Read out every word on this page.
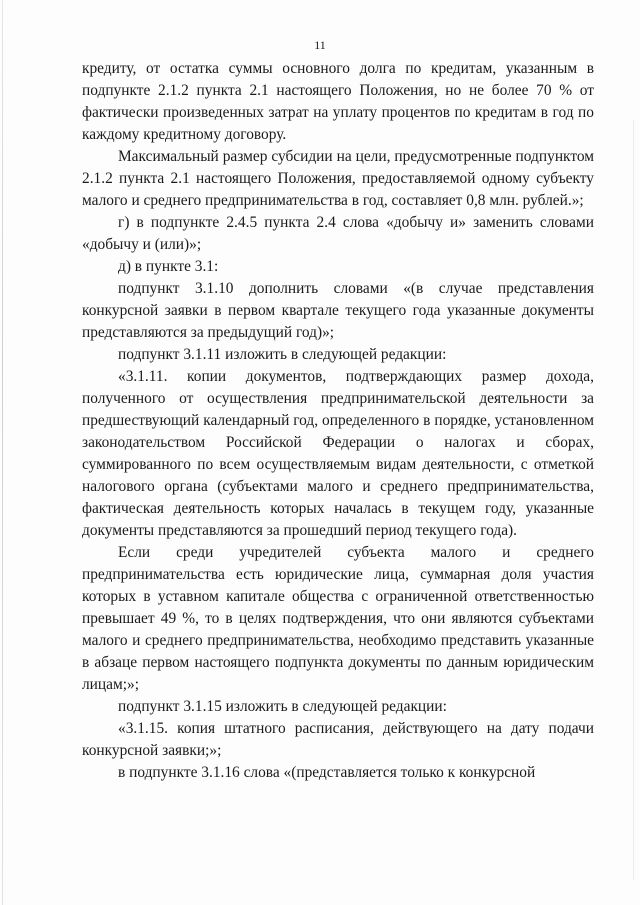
11

кредиту, от остатка суммы основного долга по кредитам, указанным в подпункте 2.1.2 пункта 2.1 настоящего Положения, но не более 70 % от фактически произведенных затрат на уплату процентов по кредитам в год по каждому кредитному договору.

Максимальный размер субсидии на цели, предусмотренные подпунктом 2.1.2 пункта 2.1 настоящего Положения, предоставляемой одному субъекту малого и среднего предпринимательства в год, составляет 0,8 млн. рублей.»;

г) в подпункте 2.4.5 пункта 2.4 слова «добычу и» заменить словами «добычу и (или)»;

д) в пункте 3.1:

подпункт 3.1.10 дополнить словами «(в случае представления конкурсной заявки в первом квартале текущего года указанные документы представляются за предыдущий год)»;

подпункт 3.1.11 изложить в следующей редакции:

«3.1.11. копии документов, подтверждающих размер дохода, полученного от осуществления предпринимательской деятельности за предшествующий календарный год, определенного в порядке, установленном законодательством Российской Федерации о налогах и сборах, суммированного по всем осуществляемым видам деятельности, с отметкой налогового органа (субъектами малого и среднего предпринимательства, фактическая деятельность которых началась в текущем году, указанные документы представляются за прошедший период текущего года).

Если среди учредителей субъекта малого и среднего предпринимательства есть юридические лица, суммарная доля участия которых в уставном капитале общества с ограниченной ответственностью превышает 49 %, то в целях подтверждения, что они являются субъектами малого и среднего предпринимательства, необходимо представить указанные в абзаце первом настоящего подпункта документы по данным юридическим лицам;»;

подпункт 3.1.15 изложить в следующей редакции:

«3.1.15. копия штатного расписания, действующего на дату подачи конкурсной заявки;»;

в подпункте 3.1.16 слова «(представляется только к конкурсной
